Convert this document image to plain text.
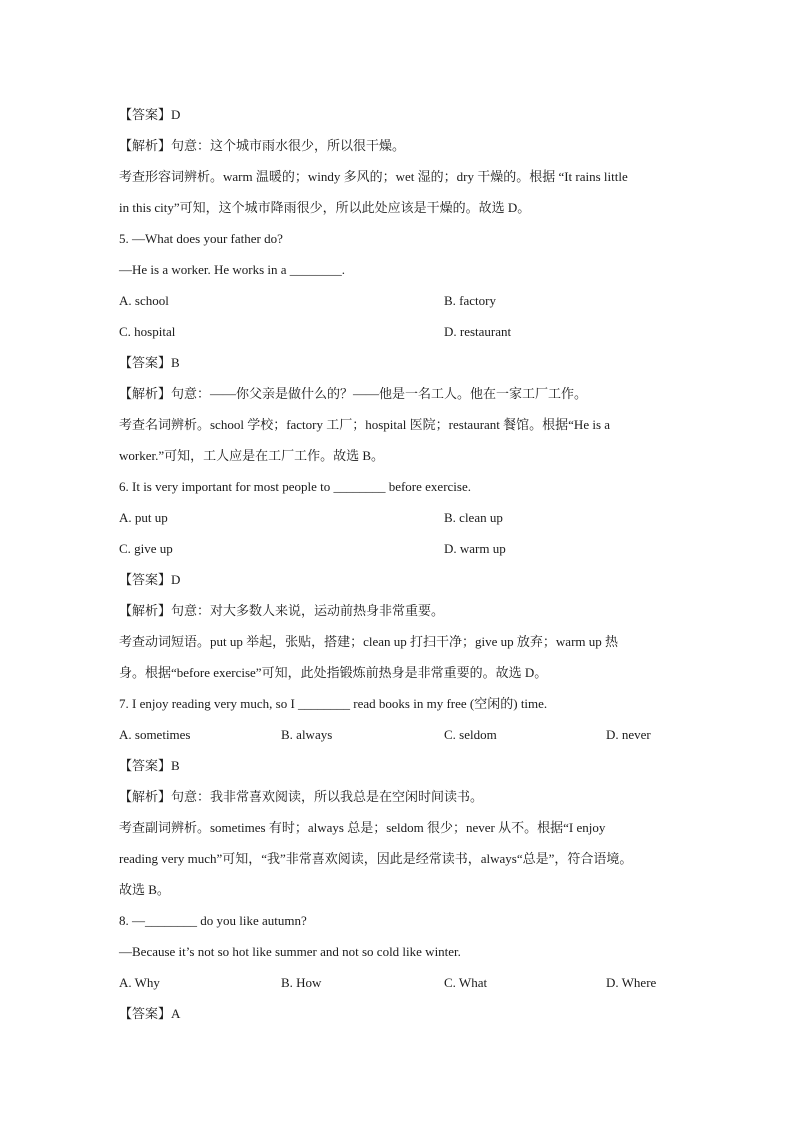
【答案】D
【解析】句意：这个城市雨水很少，所以很干燥。
考查形容词辨析。warm 温暖的；windy 多风的；wet 湿的；dry 干燥的。根据 “It rains little
in this city”可知，这个城市降雨很少，所以此处应该是干燥的。故选 D。
5. —What does your father do?
—He is a worker. He works in a ________.
A. school	B. factory
C. hospital	D. restaurant
【答案】B
【解析】句意：——你父亲是做什么的？——他是一名工人。他在一家工厂工作。
考查名词辨析。school 学校；factory 工厂；hospital 医院；restaurant 餐馆。根据“He is a
worker.”可知，工人应是在工厂工作。故选 B。
6. It is very important for most people to ________ before exercise.
A. put up	B. clean up
C. give up	D. warm up
【答案】D
【解析】句意：对大多数人来说，运动前热身非常重要。
考查动词短语。put up 举起，张贴，搭建；clean up 打扫干净；give up 放弃；warm up 热
身。根据“before exercise”可知，此处指锻炼前热身是非常重要的。故选 D。
7. I enjoy reading very much, so I ________ read books in my free (空闲的) time.
A. sometimes	B. always	C. seldom	D. never
【答案】B
【解析】句意：我非常喜欢阅读，所以我总是在空闲时间读书。
考查副词辨析。sometimes 有时；always 总是；seldom 很少；never 从不。根据“I enjoy
reading very much”可知，“我”非常喜欢阅读，因此是经常读书，always“总是”，符合语境。
故选 B。
8. —________ do you like autumn?
—Because it’s not so hot like summer and not so cold like winter.
A. Why	B. How	C. What	D. Where
【答案】A
